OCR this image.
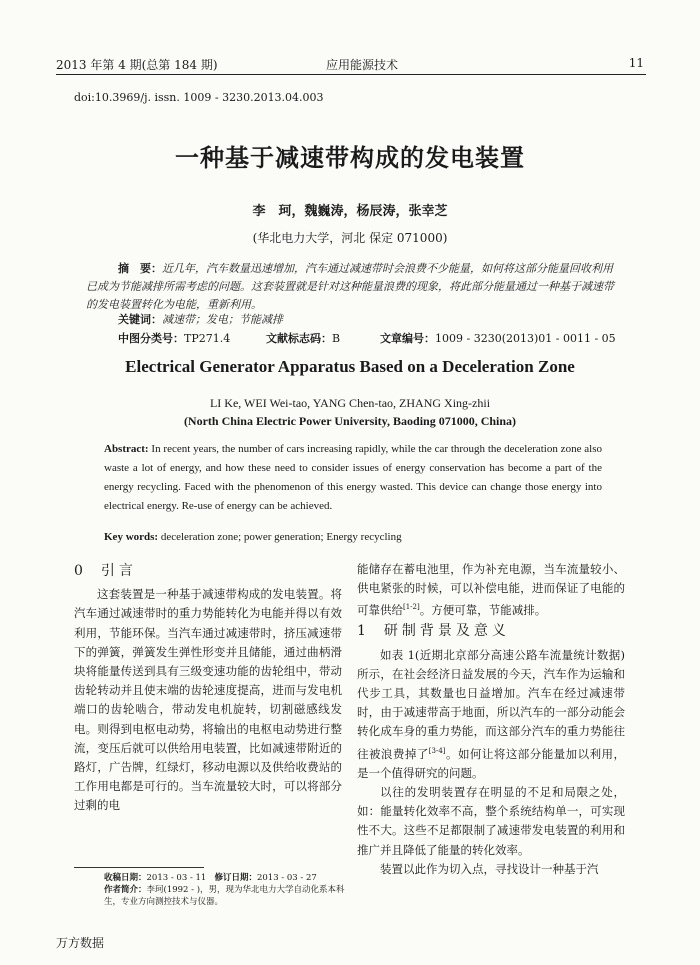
2013 年第 4 期(总第 184 期)	应用能源技术	11
doi:10.3969/j. issn. 1009 - 3230.2013.04.003
一种基于减速带构成的发电装置
李　珂，魏巍涛，杨辰涛，张幸芝
(华北电力大学，河北 保定 071000)
摘　要：近几年，汽车数量迅速增加，汽车通过减速带时会浪费不少能量，如何将这部分能量回收利用已成为节能减排所需考虑的问题。这套装置就是针对这种能量浪费的现象，将此部分能量通过一种基于减速带的发电装置转化为电能，重新利用。
关键词：减速带；发电；节能减排
中图分类号：TP271.4	文献标志码：B	文章编号：1009 - 3230(2013)01 - 0011 - 05
Electrical Generator Apparatus Based on a Deceleration Zone
LI Ke, WEI Wei-tao, YANG Chen-tao, ZHANG Xing-zhii
(North China Electric Power University, Baoding 071000, China)
Abstract: In recent years, the number of cars increasing rapidly, while the car through the deceleration zone also waste a lot of energy, and how these need to consider issues of energy conservation has become a part of the energy recycling. Faced with the phenomenon of this energy wasted. This device can change those energy into electrical energy. Re-use of energy can be achieved.
Key words: deceleration zone; power generation; Energy recycling
0 引言

这套装置是一种基于减速带构成的发电装置。将汽车通过减速带时的重力势能转化为电能并得以有效利用，节能环保。当汽车通过减速带时，挤压减速带下的弹簧，弹簧发生弹性形变并且储能，通过曲柄滑块将能量传送到具有三级变速功能的齿轮组中，带动齿轮转动并且使末端的齿轮速度提高，进而与发电机端口的齿轮啮合，带动发电机旋转，切割磁感线发电。则得到电枢电动势，将输出的电枢电动势进行整流，变压后就可以供给用电装置，比如减速带附近的路灯，广告牌，红绿灯，移动电源以及供给收费站的工作用电都是可行的。当车流量较大时，可以将部分过剩的电

能储存在蓄电池里，作为补充电源，当车流量较小、供电紧张的时候，可以补偿电能，进而保证了电能的可靠供给[1-2]。方便可靠，节能减排。

1 研制背景及意义

如表 1(近期北京部分高速公路车流量统计数据)所示，在社会经济日益发展的今天，汽车作为运输和代步工具，其数量也日益增加。汽车在经过减速带时，由于减速带高于地面，所以汽车的一部分动能会转化成车身的重力势能，而这部分汽车的重力势能往往被浪费掉了[3-4]。如何让将这部分能量加以利用，是一个值得研究的问题。

以往的发明装置存在明显的不足和局限之处，如：能量转化效率不高，整个系统结构单一，可实现性不大。这些不足都限制了减速带发电装置的利用和推广并且降低了能量的转化效率。

装置以此作为切入点，寻找设计一种基于汽

收稿日期：2013 - 03 - 11 修订日期：2013 - 03 - 27
作者简介：李珂(1992 - )，男，现为华北电力大学自动化系本科生，专业方向测控技术与仪器。
万方数据
